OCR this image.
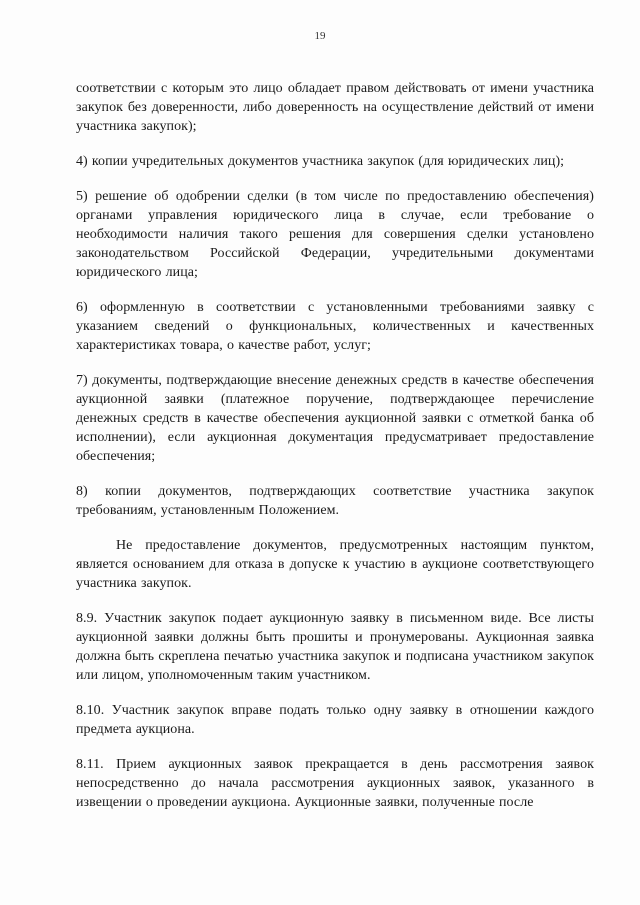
19

соответствии с которым это лицо обладает правом действовать от имени участника закупок без доверенности, либо доверенность на осуществление действий от имени участника закупок);

4) копии учредительных документов участника закупок (для юридических лиц);

5) решение об одобрении сделки (в том числе по предоставлению обеспечения) органами управления юридического лица в случае, если требование о необходимости наличия такого решения для совершения сделки установлено законодательством Российской Федерации, учредительными документами юридического лица;

6) оформленную в соответствии с установленными требованиями заявку с указанием сведений о функциональных, количественных и качественных характеристиках товара, о качестве работ, услуг;

7) документы, подтверждающие внесение денежных средств в качестве обеспечения аукционной заявки (платежное поручение, подтверждающее перечисление денежных средств в качестве обеспечения аукционной заявки с отметкой банка об исполнении), если аукционная документация предусматривает предоставление обеспечения;

8) копии документов, подтверждающих соответствие участника закупок требованиям, установленным Положением.

Не предоставление документов, предусмотренных настоящим пунктом, является основанием для отказа в допуске к участию в аукционе соответствующего участника закупок.

8.9. Участник закупок подает аукционную заявку в письменном виде. Все листы аукционной заявки должны быть прошиты и пронумерованы. Аукционная заявка должна быть скреплена печатью участника закупок и подписана участником закупок или лицом, уполномоченным таким участником.

8.10. Участник закупок вправе подать только одну заявку в отношении каждого предмета аукциона.

8.11. Прием аукционных заявок прекращается в день рассмотрения заявок непосредственно до начала рассмотрения аукционных заявок, указанного в извещении о проведении аукциона. Аукционные заявки, полученные после
